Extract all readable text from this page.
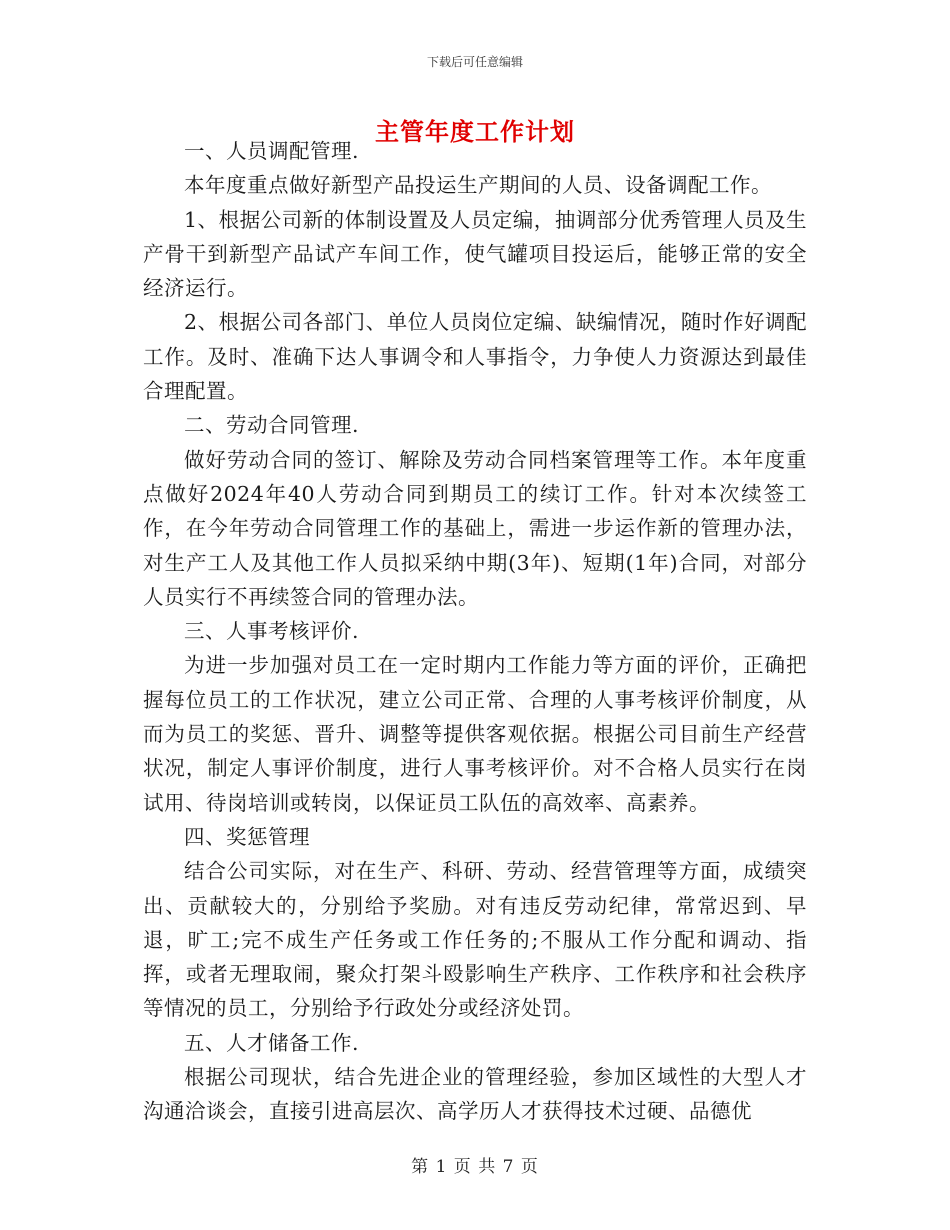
下载后可任意编辑
主管年度工作计划

一、人员调配管理.

本年度重点做好新型产品投运生产期间的人员、设备调配工作。

1、根据公司新的体制设置及人员定编，抽调部分优秀管理人员及生产骨干到新型产品试产车间工作，使气罐项目投运后，能够正常的安全经济运行。

2、根据公司各部门、单位人员岗位定编、缺编情况，随时作好调配工作。及时、准确下达人事调令和人事指令，力争使人力资源达到最佳合理配置。

二、劳动合同管理.

做好劳动合同的签订、解除及劳动合同档案管理等工作。本年度重点做好2024年40人劳动合同到期员工的续订工作。针对本次续签工作，在今年劳动合同管理工作的基础上，需进一步运作新的管理办法，对生产工人及其他工作人员拟采纳中期(3年)、短期(1年)合同，对部分人员实行不再续签合同的管理办法。

三、人事考核评价.

为进一步加强对员工在一定时期内工作能力等方面的评价，正确把握每位员工的工作状况，建立公司正常、合理的人事考核评价制度，从而为员工的奖惩、晋升、调整等提供客观依据。根据公司目前生产经营状况，制定人事评价制度，进行人事考核评价。对不合格人员实行在岗试用、待岗培训或转岗，以保证员工队伍的高效率、高素养。

四、奖惩管理

结合公司实际，对在生产、科研、劳动、经营管理等方面，成绩突出、贡献较大的，分别给予奖励。对有违反劳动纪律，常常迟到、早退，旷工;完不成生产任务或工作任务的;不服从工作分配和调动、指挥，或者无理取闹，聚众打架斗殴影响生产秩序、工作秩序和社会秩序等情况的员工，分别给予行政处分或经济处罚。

五、人才储备工作.

根据公司现状，结合先进企业的管理经验，参加区域性的大型人才沟通洽谈会，直接引进高层次、高学历人才获得技术过硬、品德优

第 1 页 共 7 页
